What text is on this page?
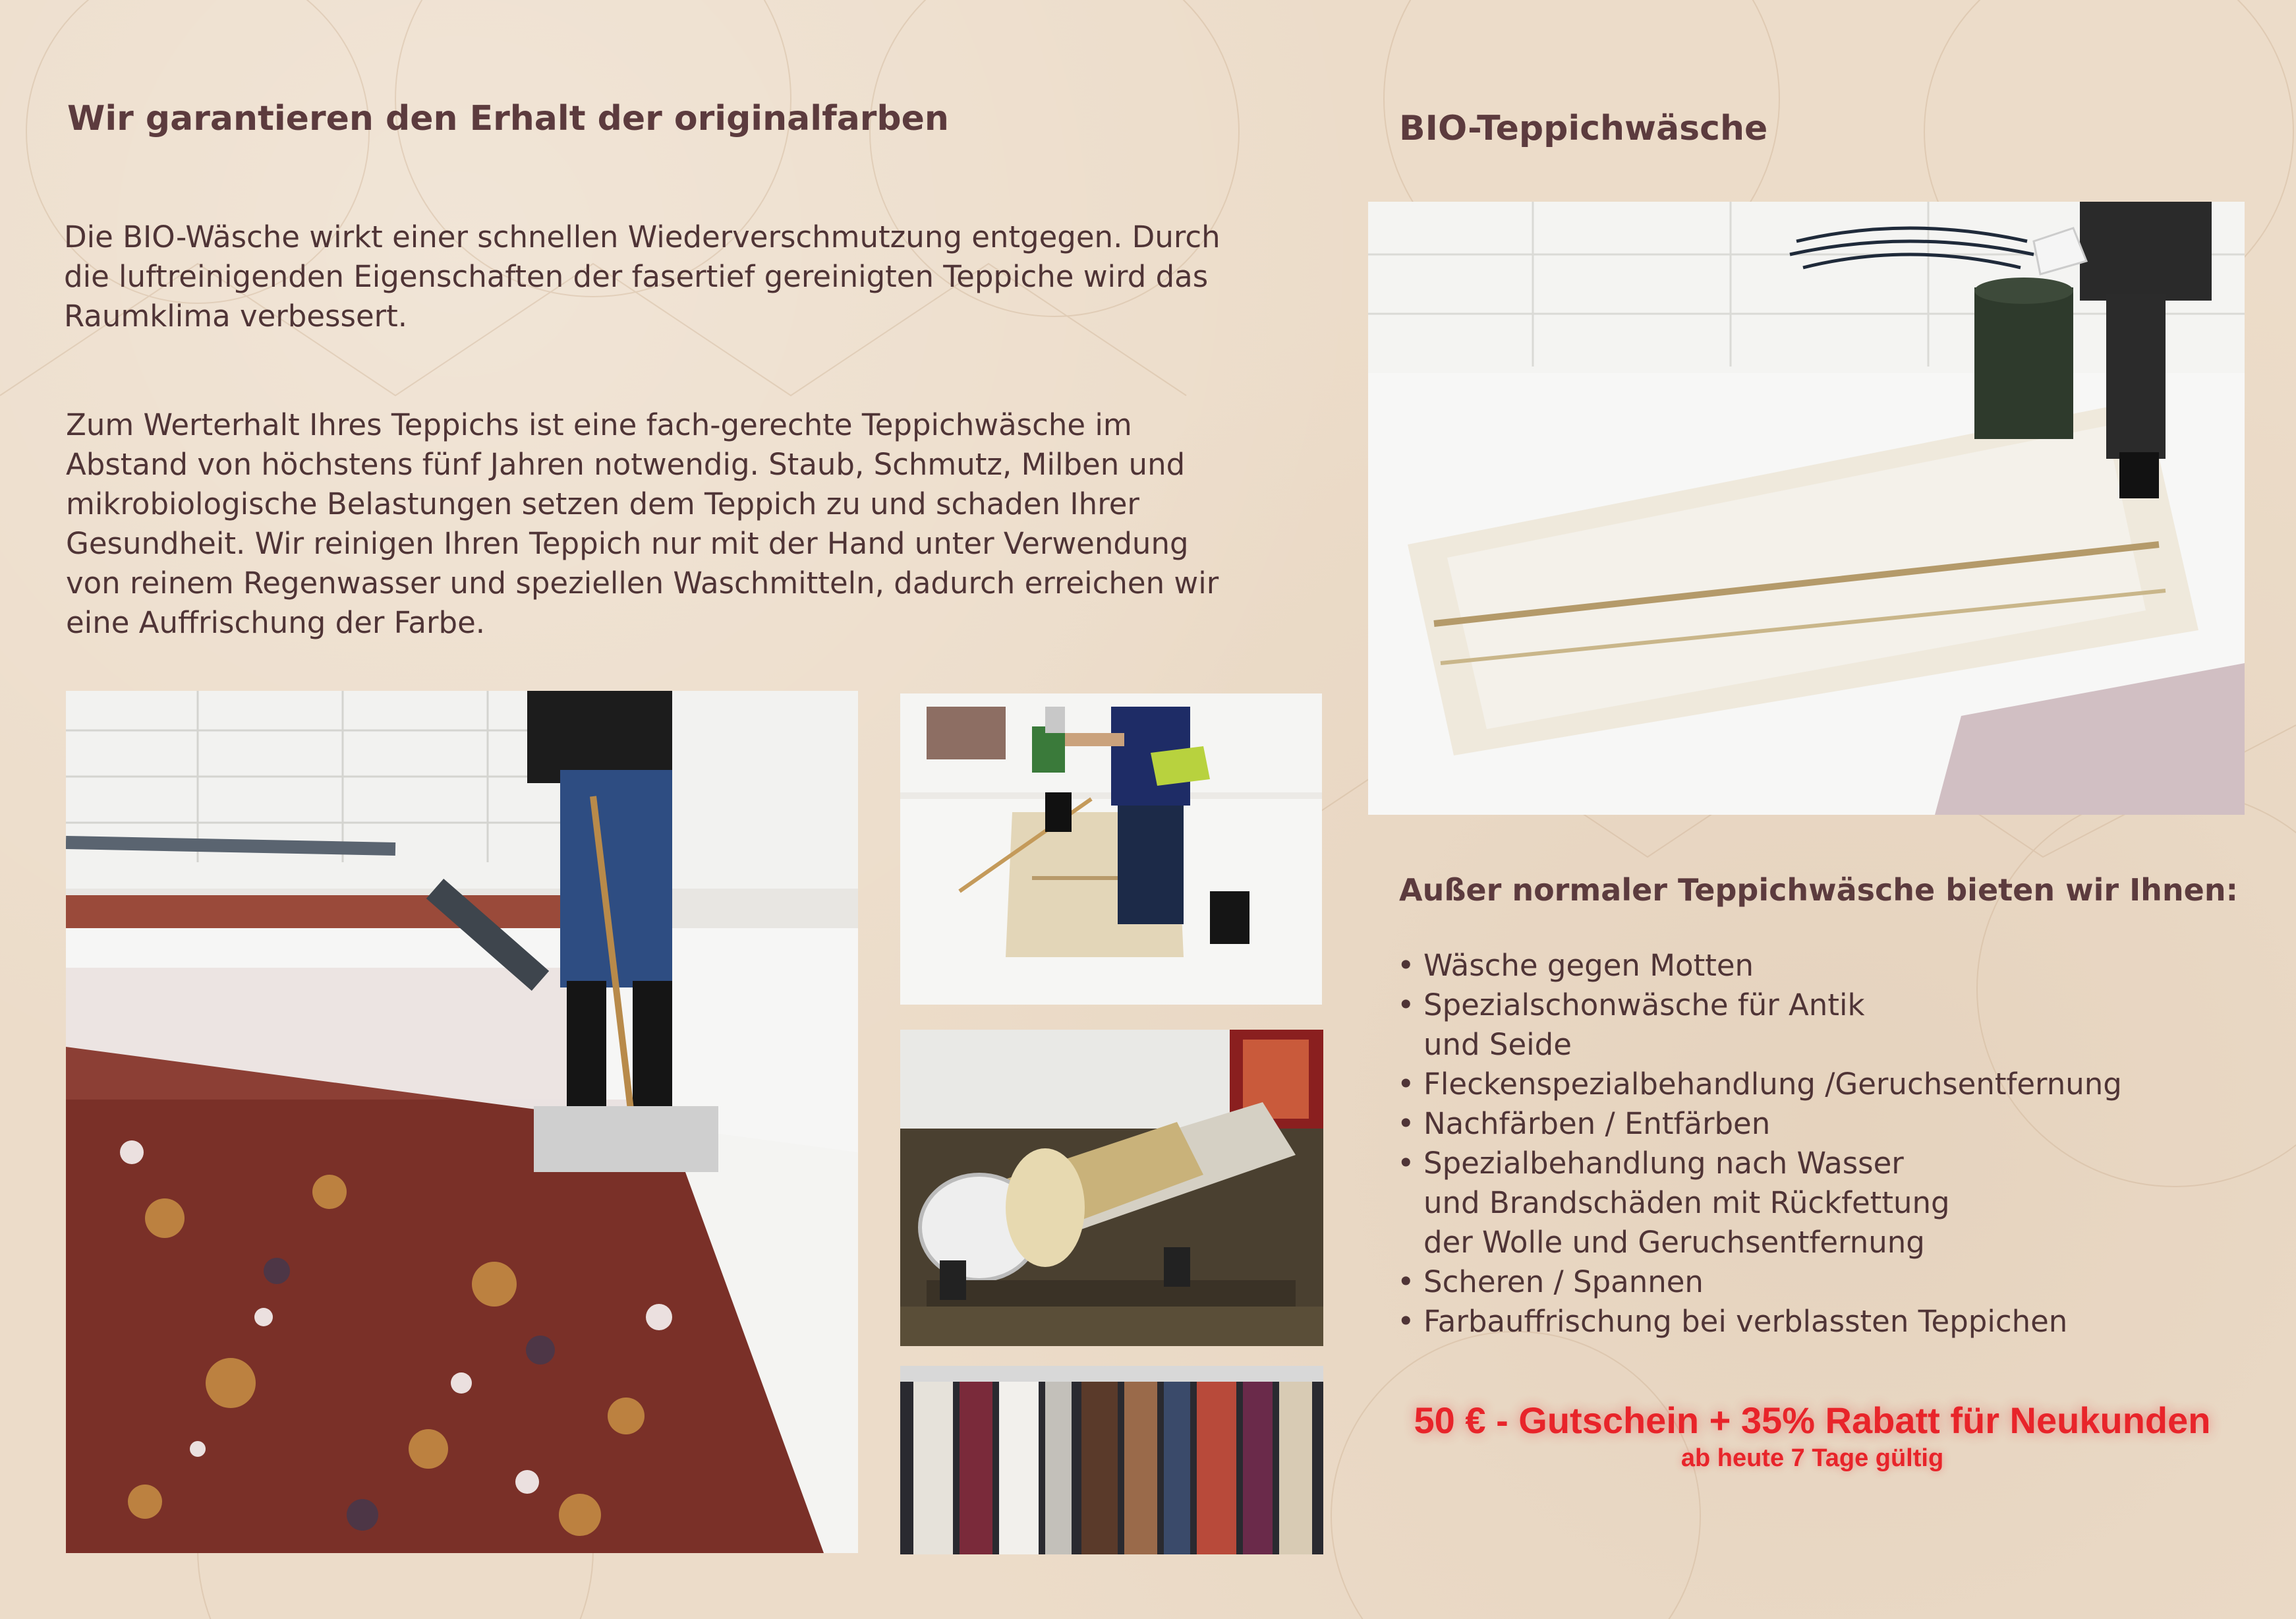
Wir garantieren den Erhalt der originalfarben

Die BIO-Wäsche wirkt einer schnellen Wiederverschmutzung entgegen. Durch die luftreinigenden Eigenschaften der fasertief gereinigten Teppiche wird das Raumklima verbessert.

Zum Werterhalt Ihres Teppichs ist eine fach-gerechte Teppichwäsche im Abstand von höchstens fünf Jahren notwendig. Staub, Schmutz, Milben und mikrobiologische Belastungen setzen dem Teppich zu und schaden Ihrer Gesundheit. Wir reinigen Ihren Teppich nur mit der Hand unter Verwendung von reinem Regenwasser und speziellen Waschmitteln, dadurch erreichen wir eine Auffrischung der Farbe.

BIO-Teppichwäsche
Außer normaler Teppichwäsche bieten wir Ihnen:
• Wäsche gegen Motten
• Spezialschonwäsche für Antik
und Seide
• Fleckenspezialbehandlung /Geruchsentfernung
• Nachfärben / Entfärben
• Spezialbehandlung nach Wasser
und Brandschäden mit Rückfettung
der Wolle und Geruchsentfernung
• Scheren / Spannen
• Farbauffrischung bei verblassten Teppichen
50 € - Gutschein + 35% Rabatt für Neukunden
ab heute 7 Tage gültig
